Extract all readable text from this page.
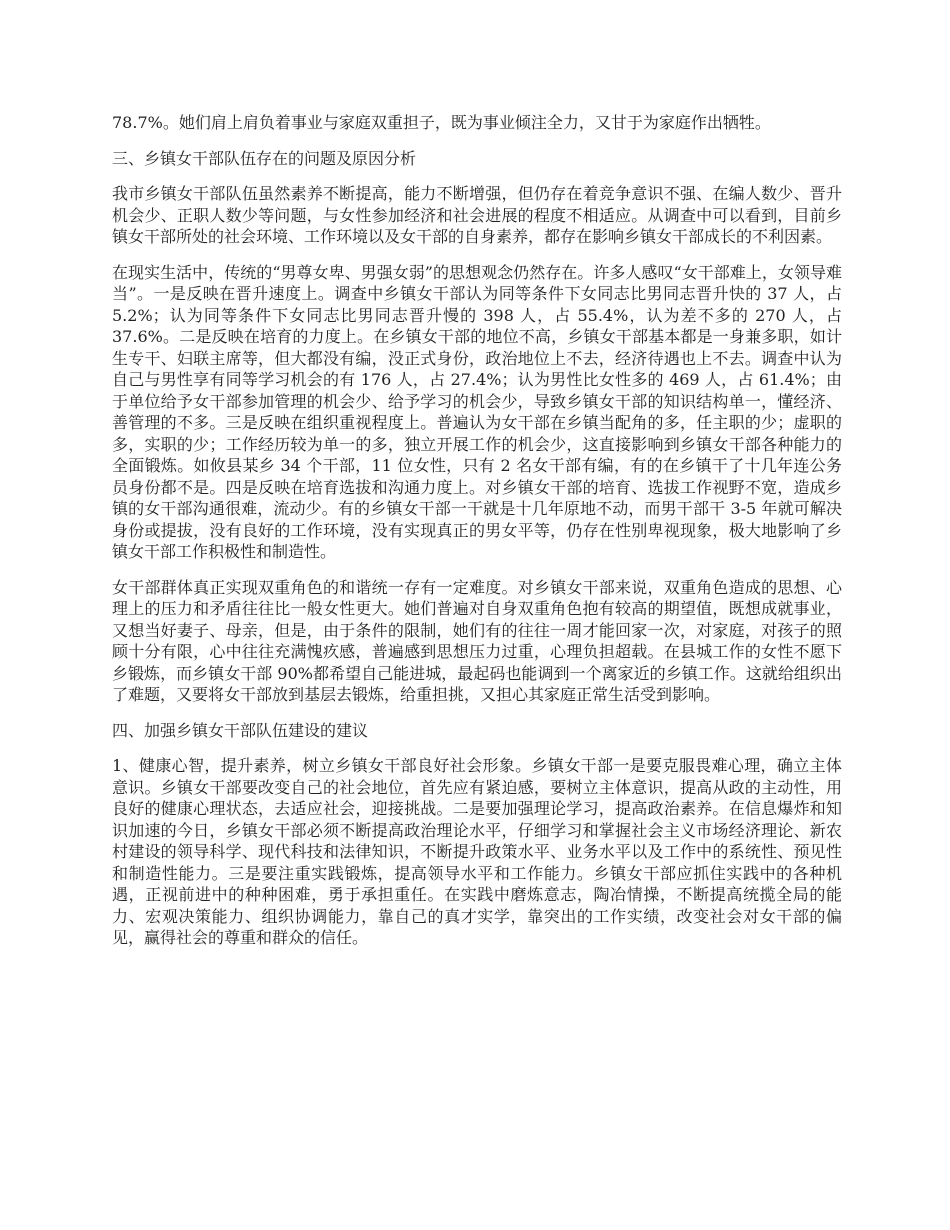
78.7%。她们肩上肩负着事业与家庭双重担子，既为事业倾注全力，又甘于为家庭作出牺牲。

三、乡镇女干部队伍存在的问题及原因分析

我市乡镇女干部队伍虽然素养不断提高，能力不断增强，但仍存在着竞争意识不强、在编人数少、晋升机会少、正职人数少等问题，与女性参加经济和社会进展的程度不相适应。从调查中可以看到，目前乡镇女干部所处的社会环境、工作环境以及女干部的自身素养，都存在影响乡镇女干部成长的不利因素。

在现实生活中，传统的“男尊女卑、男强女弱”的思想观念仍然存在。许多人感叹“女干部难上，女领导难当”。一是反映在晋升速度上。调查中乡镇女干部认为同等条件下女同志比男同志晋升快的 37 人，占 5.2%；认为同等条件下女同志比男同志晋升慢的 398 人，占 55.4%，认为差不多的 270 人，占 37.6%。二是反映在培育的力度上。在乡镇女干部的地位不高，乡镇女干部基本都是一身兼多职，如计生专干、妇联主席等，但大都没有编，没正式身份，政治地位上不去，经济待遇也上不去。调查中认为自己与男性享有同等学习机会的有 176 人，占 27.4%；认为男性比女性多的 469 人，占 61.4%；由于单位给予女干部参加管理的机会少、给予学习的机会少，导致乡镇女干部的知识结构单一，懂经济、善管理的不多。三是反映在组织重视程度上。普遍认为女干部在乡镇当配角的多，任主职的少；虚职的多，实职的少；工作经历较为单一的多，独立开展工作的机会少，这直接影响到乡镇女干部各种能力的全面锻炼。如攸县某乡 34 个干部，11 位女性，只有 2 名女干部有编，有的在乡镇干了十几年连公务员身份都不是。四是反映在培育选拔和沟通力度上。对乡镇女干部的培育、选拔工作视野不宽，造成乡镇的女干部沟通很难，流动少。有的乡镇女干部一干就是十几年原地不动，而男干部干 3-5 年就可解决身份或提拔，没有良好的工作环境，没有实现真正的男女平等，仍存在性别卑视现象，极大地影响了乡镇女干部工作积极性和制造性。

女干部群体真正实现双重角色的和谐统一存有一定难度。对乡镇女干部来说，双重角色造成的思想、心理上的压力和矛盾往往比一般女性更大。她们普遍对自身双重角色抱有较高的期望值，既想成就事业，又想当好妻子、母亲，但是，由于条件的限制，她们有的往往一周才能回家一次，对家庭，对孩子的照顾十分有限，心中往往充满愧疚感，普遍感到思想压力过重，心理负担超载。在县城工作的女性不愿下乡锻炼，而乡镇女干部 90%都希望自己能进城，最起码也能调到一个离家近的乡镇工作。这就给组织出了难题，又要将女干部放到基层去锻炼，给重担挑，又担心其家庭正常生活受到影响。

四、加强乡镇女干部队伍建设的建议

1、健康心智，提升素养，树立乡镇女干部良好社会形象。乡镇女干部一是要克服畏难心理，确立主体意识。乡镇女干部要改变自己的社会地位，首先应有紧迫感，要树立主体意识，提高从政的主动性，用良好的健康心理状态，去适应社会，迎接挑战。二是要加强理论学习，提高政治素养。在信息爆炸和知识加速的今日，乡镇女干部必须不断提高政治理论水平，仔细学习和掌握社会主义市场经济理论、新农村建设的领导科学、现代科技和法律知识，不断提升政策水平、业务水平以及工作中的系统性、预见性和制造性能力。三是要注重实践锻炼，提高领导水平和工作能力。乡镇女干部应抓住实践中的各种机遇，正视前进中的种种困难，勇于承担重任。在实践中磨炼意志，陶冶情操，不断提高统揽全局的能力、宏观决策能力、组织协调能力，靠自己的真才实学，靠突出的工作实绩，改变社会对女干部的偏见，赢得社会的尊重和群众的信任。
